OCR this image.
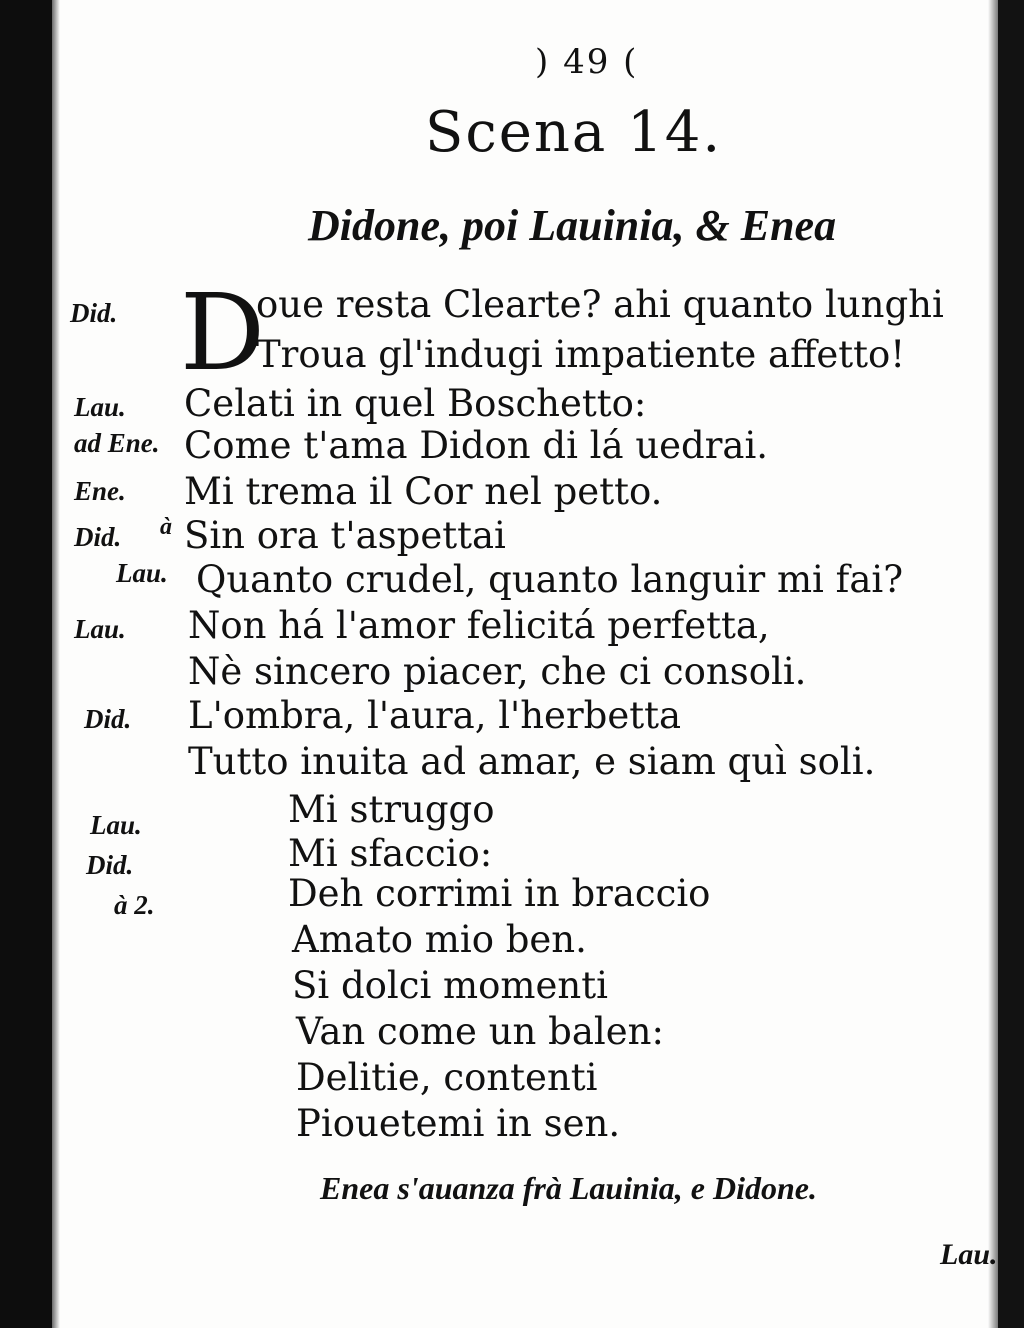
) 49 (
Scena 14.
Didone, poi Lauinia, & Enea
Did. D
oue resta Clearte? ahi quanto lunghi
Troua gl'indugi impatiente affetto!
Lau. Celati in quel Boschetto:
ad Ene. Come t'ama Didon di lá uedrai.
Ene. Mi trema il Cor nel petto.
Did. à Sin ora t'aspettai
Lau. Quanto crudel, quanto languir mi fai?
Lau. Non há l'amor felicitá perfetta,
Nè sincero piacer, che ci consoli.
Did. L'ombra, l'aura, l'herbetta
Tutto inuita ad amar, e siam quì soli.
Lau.	Mi struggo
Did.	Mi sfaccio:
à 2.	Deh corrimi in braccio
Amato mio ben.
Si dolci momenti
Van come un balen:
Delitie, contenti
Piouetemi in sen.
Enea s'auanza frà Lauinia, e Didone.
Lau.
